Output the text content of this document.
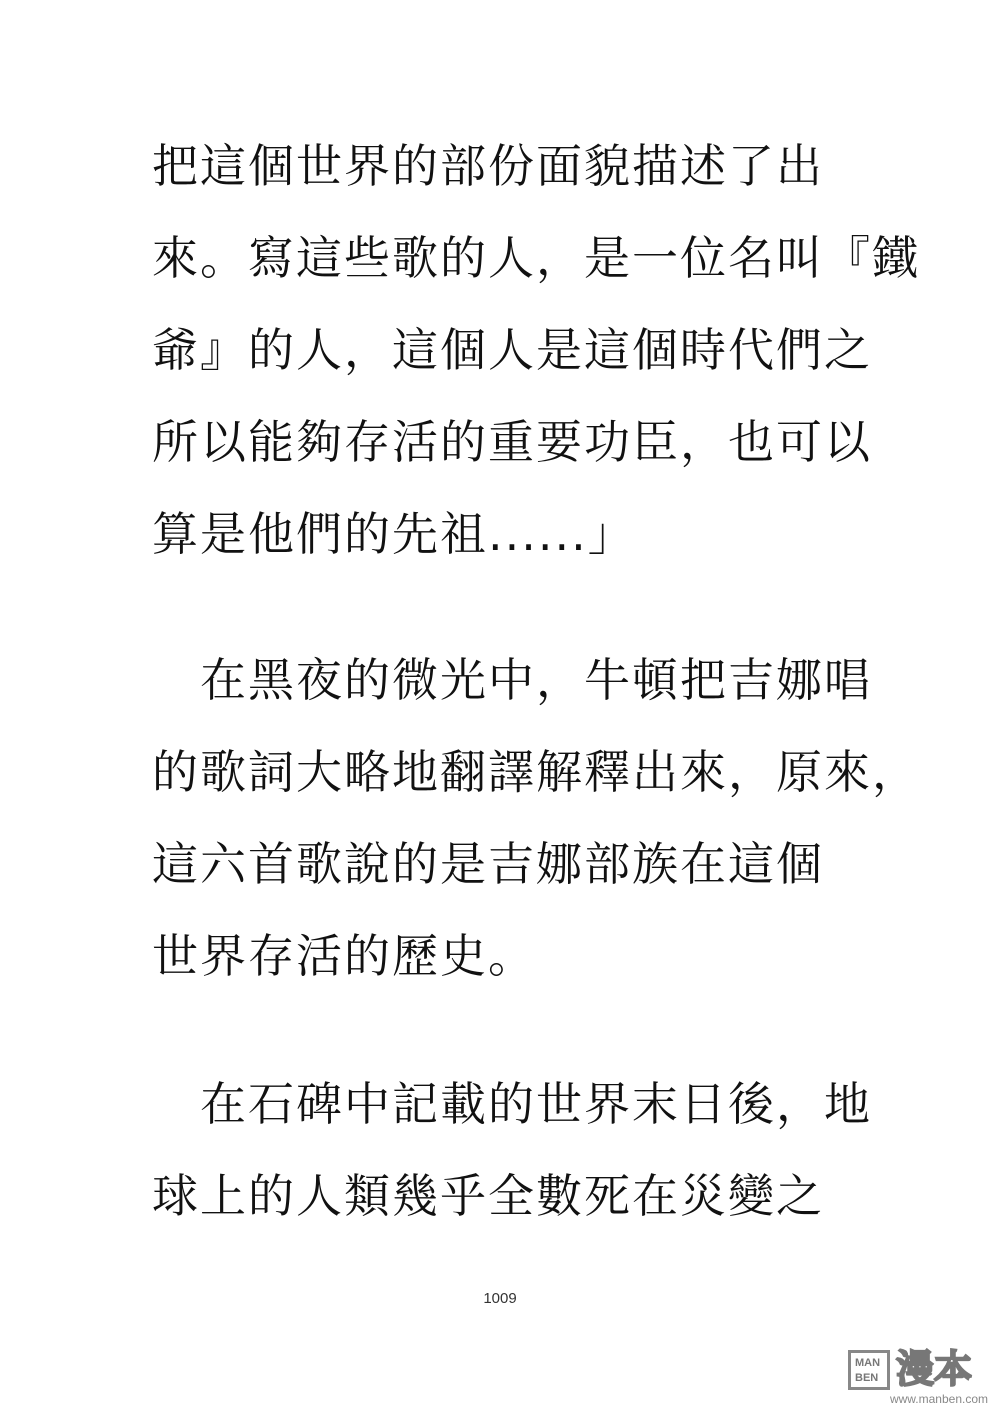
把這個世界的部份面貌描述了出

來。寫這些歌的人，是一位名叫『鐵

爺』的人，這個人是這個時代們之

所以能夠存活的重要功臣，也可以

算是他們的先祖......」

　在黑夜的微光中，牛頓把吉娜唱

的歌詞大略地翻譯解釋出來，原來，

這六首歌說的是吉娜部族在這個

世界存活的歷史。

　在石碑中記載的世界末日後，地

球上的人類幾乎全數死在災變之

1009
MAN
BEN 漫本
www.manben.com
